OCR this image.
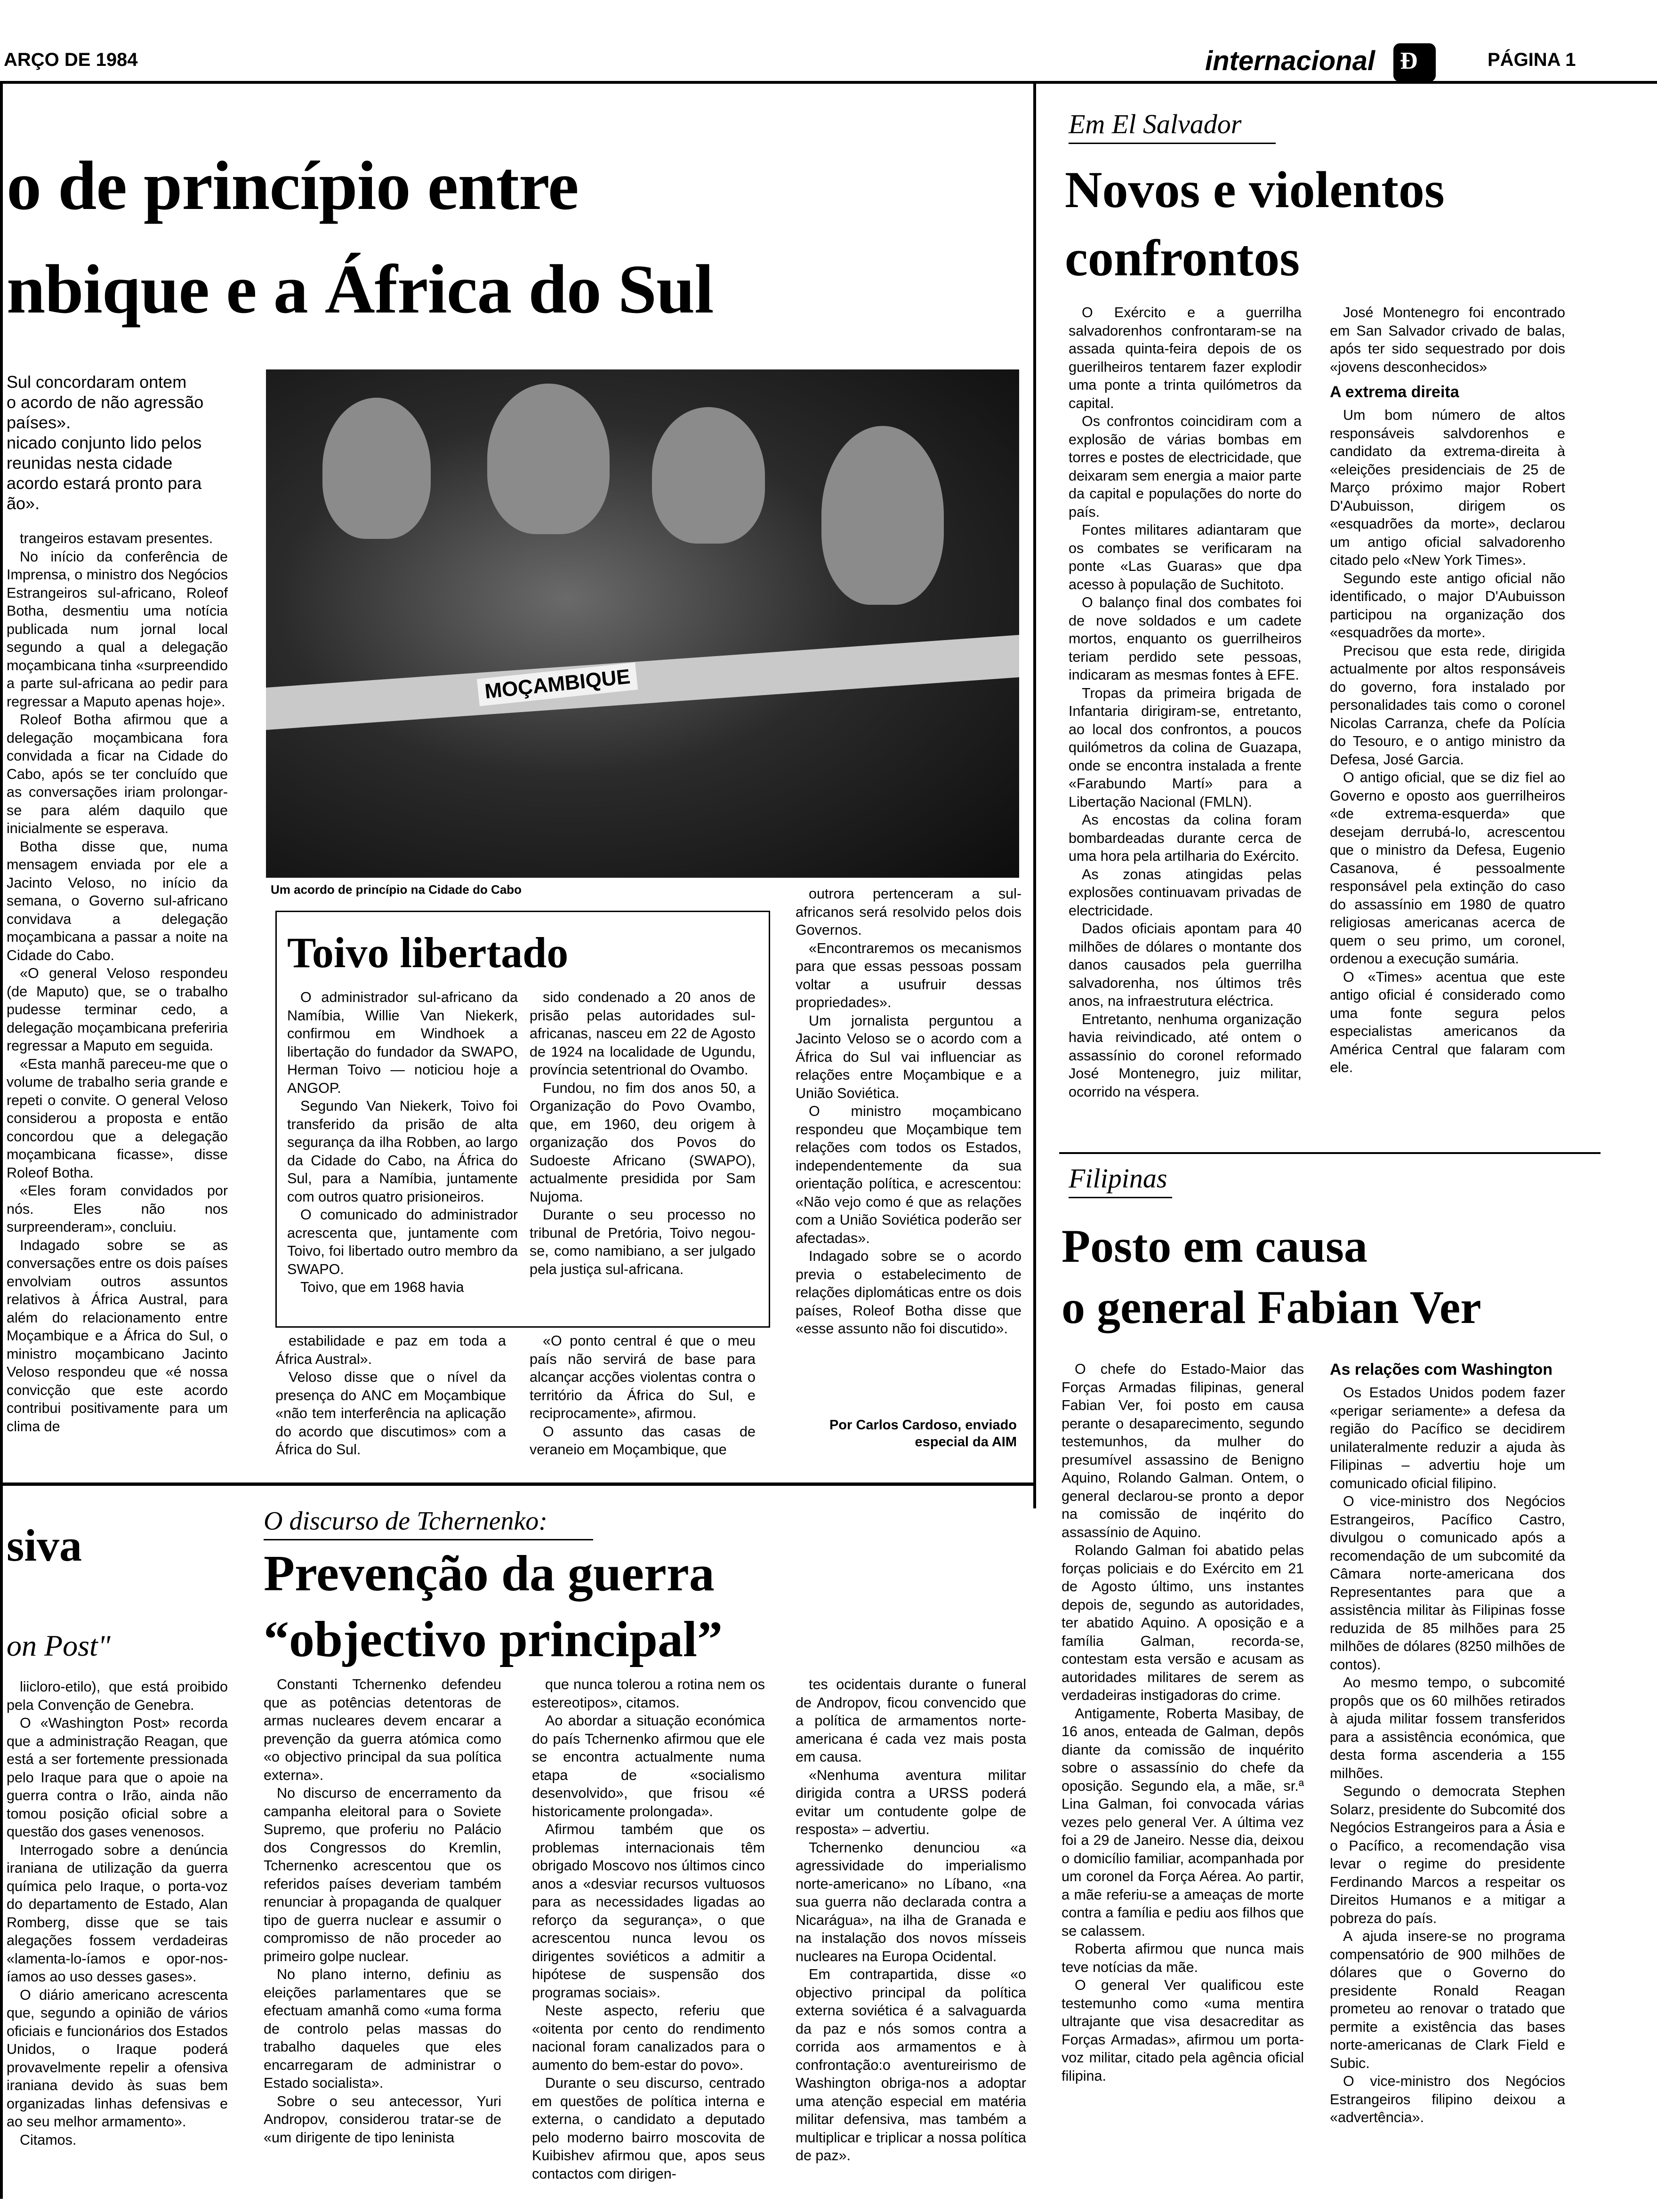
ARÇO DE 1984	internacional Ð	PÁGINA 1
o de princípio entre
nbique e a África do Sul

Sul concordaram ontem

o acordo de não agressão

países».

nicado conjunto lido pelos

reunidas nesta cidade

acordo estará pronto para

ão».

trangeiros estavam presentes.

No início da conferência de Imprensa, o ministro dos Negócios Estrangeiros sul-africano, Roleof Botha, desmentiu uma notícia publicada num jornal local segundo a qual a delegação moçambicana tinha «surpreendido a parte sul-africana ao pedir para regressar a Maputo apenas hoje».

Roleof Botha afirmou que a delegação moçambicana fora convidada a ficar na Cidade do Cabo, após se ter concluído que as conversações iriam prolongar-se para além daquilo que inicialmente se esperava.

Botha disse que, numa mensagem enviada por ele a Jacinto Veloso, no início da semana, o Governo sul-africano convidava a delegação moçambicana a passar a noite na Cidade do Cabo.

«O general Veloso respondeu (de Maputo) que, se o trabalho pudesse terminar cedo, a delegação moçambicana preferiria regressar a Maputo em seguida.

«Esta manhã pareceu-me que o volume de trabalho seria grande e repeti o convite. O general Veloso considerou a proposta e então concordou que a delegação moçambicana ficasse», disse Roleof Botha.

«Eles foram convidados por nós. Eles não nos surpreenderam», concluiu.

Indagado sobre se as conversações entre os dois países envolviam outros assuntos relativos à África Austral, para além do relacionamento entre Moçambique e a África do Sul, o ministro moçambicano Jacinto Veloso respondeu que «é nossa convicção que este acordo contribui positivamente para um clima de

MOÇAMBIQUE
Um acordo de princípio na Cidade do Cabo
Toivo libertado

O administrador sul-africano da Namíbia, Willie Van Niekerk, confirmou em Windhoek a libertação do fundador da SWAPO, Herman Toivo — noticiou hoje a ANGOP.

Segundo Van Niekerk, Toivo foi transferido da prisão de alta segurança da ilha Robben, ao largo da Cidade do Cabo, na África do Sul, para a Namíbia, juntamente com outros quatro prisioneiros.

O comunicado do administrador acrescenta que, juntamente com Toivo, foi libertado outro membro da SWAPO.

Toivo, que em 1968 havia

sido condenado a 20 anos de prisão pelas autoridades sul-africanas, nasceu em 22 de Agosto de 1924 na localidade de Ugundu, província setentrional do Ovambo.

Fundou, no fim dos anos 50, a Organização do Povo Ovambo, que, em 1960, deu origem à organização dos Povos do Sudoeste Africano (SWAPO), actualmente presidida por Sam Nujoma.

Durante o seu processo no tribunal de Pretória, Toivo negou-se, como namibiano, a ser julgado pela justiça sul-africana.

outrora pertenceram a sul-africanos será resolvido pelos dois Governos.

«Encontraremos os mecanismos para que essas pessoas possam voltar a usufruir dessas propriedades».

Um jornalista perguntou a Jacinto Veloso se o acordo com a África do Sul vai influenciar as relações entre Moçambique e a União Soviética.

O ministro moçambicano respondeu que Moçambique tem relações com todos os Estados, independentemente da sua orientação política, e acrescentou: «Não vejo como é que as relações com a União Soviética poderão ser afectadas».

Indagado sobre se o acordo previa o estabelecimento de relações diplomáticas entre os dois países, Roleof Botha disse que «esse assunto não foi discutido».

estabilidade e paz em toda a África Austral».

Veloso disse que o nível da presença do ANC em Moçambique «não tem interferência na aplicação do acordo que discutimos» com a África do Sul.

«O ponto central é que o meu país não servirá de base para alcançar acções violentas contra o território da África do Sul, e reciprocamente», afirmou.

O assunto das casas de veraneio em Moçambique, que

Por Carlos Cardoso, enviado especial da AIM
Em El Salvador
Novos e violentos
confrontos

O Exército e a guerrilha salvadorenhos confrontaram-se na assada quinta-feira depois de os guerilheiros tentarem fazer explodir uma ponte a trinta quilómetros da capital.

Os confrontos coincidiram com a explosão de várias bombas em torres e postes de electricidade, que deixaram sem energia a maior parte da capital e populações do norte do país.

Fontes militares adiantaram que os combates se verificaram na ponte «Las Guaras» que dpa acesso à população de Suchitoto.

O balanço final dos combates foi de nove soldados e um cadete mortos, enquanto os guerrilheiros teriam perdido sete pessoas, indicaram as mesmas fontes à EFE.

Tropas da primeira brigada de Infantaria dirigiram-se, entretanto, ao local dos confrontos, a poucos quilómetros da colina de Guazapa, onde se encontra instalada a frente «Farabundo Martí» para a Libertação Nacional (FMLN).

As encostas da colina foram bombardeadas durante cerca de uma hora pela artilharia do Exército.

As zonas atingidas pelas explosões continuavam privadas de electricidade.

Dados oficiais apontam para 40 milhões de dólares o montante dos danos causados pela guerrilha salvadorenha, nos últimos três anos, na infraestrutura eléctrica.

Entretanto, nenhuma organização havia reivindicado, até ontem o assassínio do coronel reformado José Montenegro, juiz militar, ocorrido na véspera.

José Montenegro foi encontrado em San Salvador crivado de balas, após ter sido sequestrado por dois «jovens desconhecidos»

A extrema direita

Um bom número de altos responsáveis salvdorenhos e candidato da extrema-direita à «eleições presidenciais de 25 de Março próximo major Robert D'Aubuisson, dirigem os «esquadrões da morte», declarou um antigo oficial salvadorenho citado pelo «New York Times».

Segundo este antigo oficial não identificado, o major D'Aubuisson participou na organização dos «esquadrões da morte».

Precisou que esta rede, dirigida actualmente por altos responsáveis do governo, fora instalado por personalidades tais como o coronel Nicolas Carranza, chefe da Polícia do Tesouro, e o antigo ministro da Defesa, José Garcia.

O antigo oficial, que se diz fiel ao Governo e oposto aos guerrilheiros «de extrema-esquerda» que desejam derrubá-lo, acrescentou que o ministro da Defesa, Eugenio Casanova, é pessoalmente responsável pela extinção do caso do assassínio em 1980 de quatro religiosas americanas acerca de quem o seu primo, um coronel, ordenou a execução sumária.

O «Times» acentua que este antigo oficial é considerado como uma fonte segura pelos especialistas americanos da América Central que falaram com ele.

Filipinas
Posto em causa
o general Fabian Ver

O chefe do Estado-Maior das Forças Armadas filipinas, general Fabian Ver, foi posto em causa perante o desaparecimento, segundo testemunhos, da mulher do presumível assassino de Benigno Aquino, Rolando Galman. Ontem, o general declarou-se pronto a depor na comissão de inqérito do assassínio de Aquino.

Rolando Galman foi abatido pelas forças policiais e do Exército em 21 de Agosto último, uns instantes depois de, segundo as autoridades, ter abatido Aquino. A oposição e a família Galman, recorda-se, contestam esta versão e acusam as autoridades militares de serem as verdadeiras instigadoras do crime.

Antigamente, Roberta Masibay, de 16 anos, enteada de Galman, depôs diante da comissão de inquérito sobre o assassínio do chefe da oposição. Segundo ela, a mãe, sr.ª Lina Galman, foi convocada várias vezes pelo general Ver. A última vez foi a 29 de Janeiro. Nesse dia, deixou o domicílio familiar, acompanhada por um coronel da Força Aérea. Ao partir, a mãe referiu-se a ameaças de morte contra a família e pediu aos filhos que se calassem.

Roberta afirmou que nunca mais teve notícias da mãe.

O general Ver qualificou este testemunho como «uma mentira ultrajante que visa desacreditar as Forças Armadas», afirmou um porta-voz militar, citado pela agência oficial filipina.

As relações com Washington

Os Estados Unidos podem fazer «perigar seriamente» a defesa da região do Pacífico se decidirem unilateralmente reduzir a ajuda às Filipinas – advertiu hoje um comunicado oficial filipino.

O vice-ministro dos Negócios Estrangeiros, Pacífico Castro, divulgou o comunicado após a recomendação de um subcomité da Câmara norte-americana dos Representantes para que a assistência militar às Filipinas fosse reduzida de 85 milhões para 25 milhões de dólares (8250 milhões de contos).

Ao mesmo tempo, o subcomité propôs que os 60 milhões retirados à ajuda militar fossem transferidos para a assistência económica, que desta forma ascenderia a 155 milhões.

Segundo o democrata Stephen Solarz, presidente do Subcomité dos Negócios Estrangeiros para a Ásia e o Pacífico, a recomendação visa levar o regime do presidente Ferdinando Marcos a respeitar os Direitos Humanos e a mitigar a pobreza do país.

A ajuda insere-se no programa compensatório de 900 milhões de dólares que o Governo do presidente Ronald Reagan prometeu ao renovar o tratado que permite a existência das bases norte-americanas de Clark Field e Subic.

O vice-ministro dos Negócios Estrangeiros filipino deixou a «advertência».

siva
on Post"

liicloro-etilo), que está proibido pela Convenção de Genebra.

O «Washington Post» recorda que a administração Reagan, que está a ser fortemente pressionada pelo Iraque para que o apoie na guerra contra o Irão, ainda não tomou posição oficial sobre a questão dos gases venenosos.

Interrogado sobre a denúncia iraniana de utilização da guerra química pelo Iraque, o porta-voz do departamento de Estado, Alan Romberg, disse que se tais alegações fossem verdadeiras «lamenta-lo-íamos e opor-nos-íamos ao uso desses gases».

O diário americano acrescenta que, segundo a opinião de vários oficiais e funcionários dos Estados Unidos, o Iraque poderá provavelmente repelir a ofensiva iraniana devido às suas bem organizadas linhas defensivas e ao seu melhor armamento».

Citamos.

O discurso de Tchernenko:
Prevenção da guerra
“objectivo principal”

Constanti Tchernenko defendeu que as potências detentoras de armas nucleares devem encarar a prevenção da guerra atómica como «o objectivo principal da sua política externa».

No discurso de encerramento da campanha eleitoral para o Soviete Supremo, que proferiu no Palácio dos Congressos do Kremlin, Tchernenko acrescentou que os referidos países deveriam também renunciar à propaganda de qualquer tipo de guerra nuclear e assumir o compromisso de não proceder ao primeiro golpe nuclear.

No plano interno, definiu as eleições parlamentares que se efectuam amanhã como «uma forma de controlo pelas massas do trabalho daqueles que eles encarregaram de administrar o Estado socialista».

Sobre o seu antecessor, Yuri Andropov, considerou tratar-se de «um dirigente de tipo leninista

que nunca tolerou a rotina nem os estereotipos», citamos.

Ao abordar a situação económica do país Tchernenko afirmou que ele se encontra actualmente numa etapa de «socialismo desenvolvido», que frisou «é historicamente prolongada».

Afirmou também que os problemas internacionais têm obrigado Moscovo nos últimos cinco anos a «desviar recursos vultuosos para as necessidades ligadas ao reforço da segurança», o que acrescentou nunca levou os dirigentes soviéticos a admitir a hipótese de suspensão dos programas sociais».

Neste aspecto, referiu que «oitenta por cento do rendimento nacional foram canalizados para o aumento do bem-estar do povo».

Durante o seu discurso, centrado em questões de política interna e externa, o candidato a deputado pelo moderno bairro moscovita de Kuibishev afirmou que, apos seus contactos com dirigen-

tes ocidentais durante o funeral de Andropov, ficou convencido que a política de armamentos norte-americana é cada vez mais posta em causa.

«Nenhuma aventura militar dirigida contra a URSS poderá evitar um contudente golpe de resposta» – advertiu.

Tchernenko denunciou «a agressividade do imperialismo norte-americano» no Líbano, «na sua guerra não declarada contra a Nicarágua», na ilha de Granada e na instalação dos novos mísseis nucleares na Europa Ocidental.

Em contrapartida, disse «o objectivo principal da política externa soviética é a salvaguarda da paz e nós somos contra a corrida aos armamentos e à confrontação:o aventureirismo de Washington obriga-nos a adoptar uma atenção especial em matéria militar defensiva, mas também a multiplicar e triplicar a nossa política de paz».
